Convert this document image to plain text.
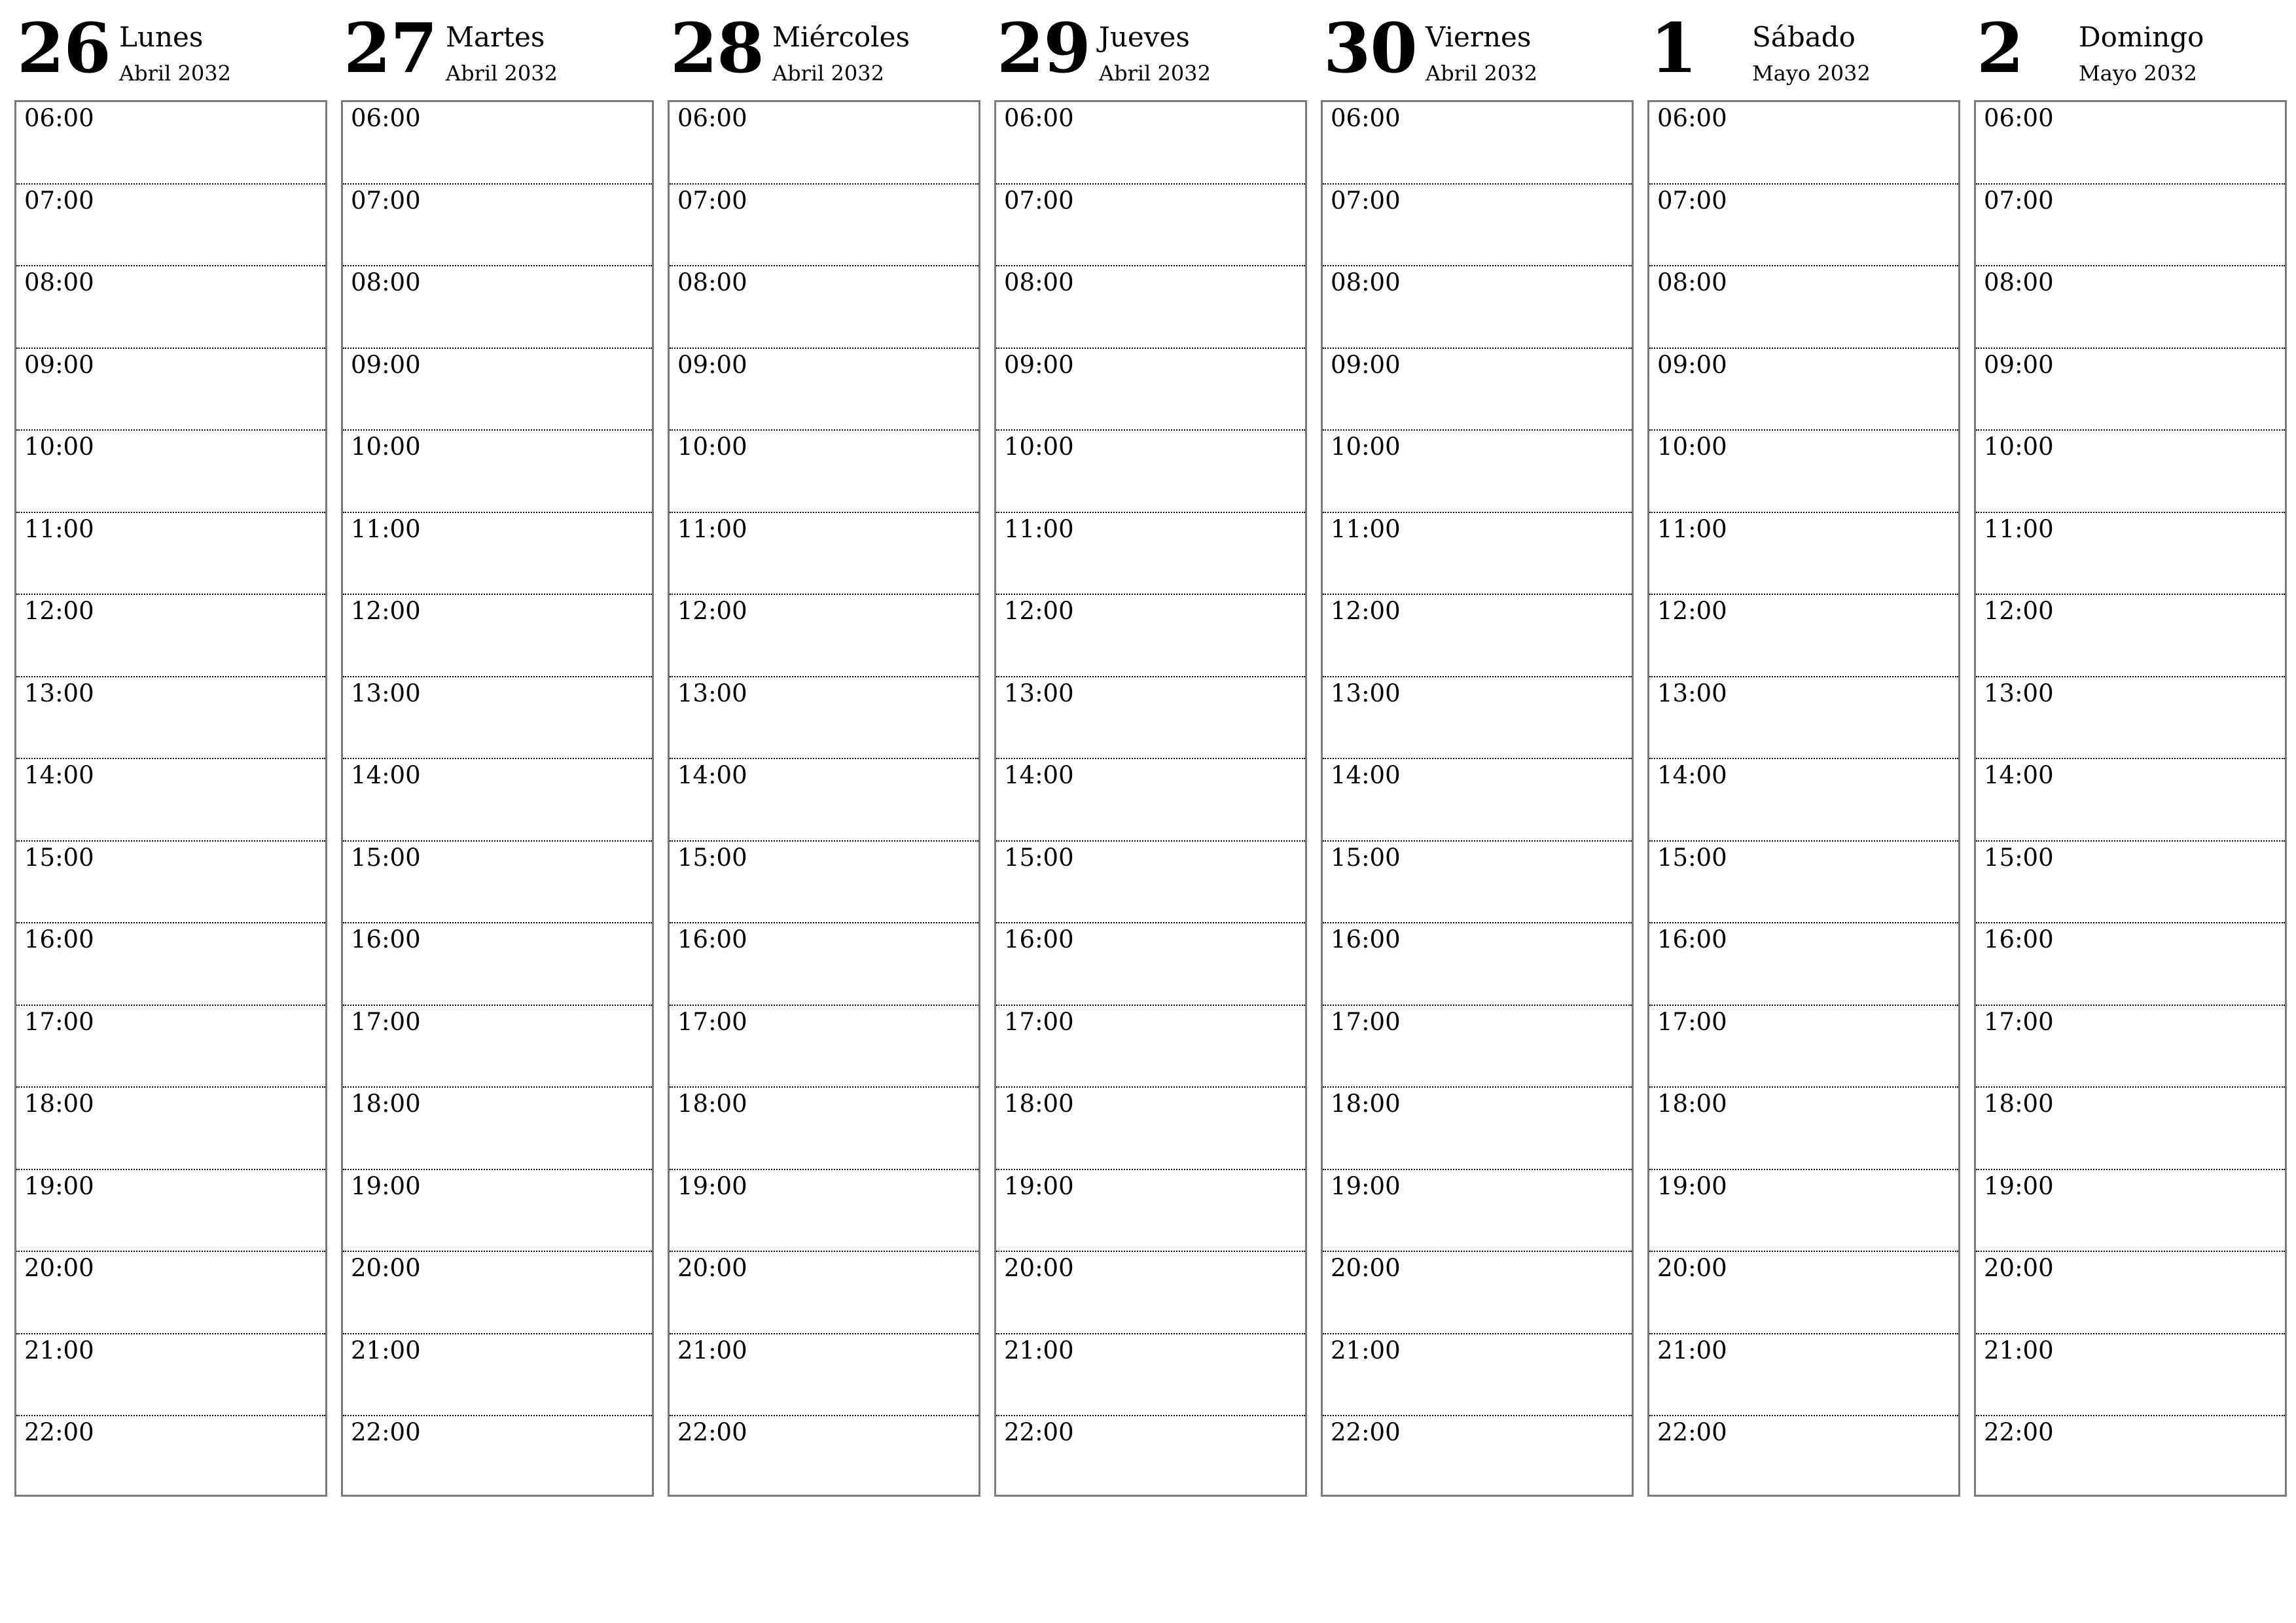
26 Lunes
Abril 2032
06:00
07:00
08:00
09:00
10:00
11:00
12:00
13:00
14:00
15:00
16:00
17:00
18:00
19:00
20:00
21:00
22:00
27 Martes
Abril 2032
06:00
07:00
08:00
09:00
10:00
11:00
12:00
13:00
14:00
15:00
16:00
17:00
18:00
19:00
20:00
21:00
22:00
28 Miércoles
Abril 2032
06:00
07:00
08:00
09:00
10:00
11:00
12:00
13:00
14:00
15:00
16:00
17:00
18:00
19:00
20:00
21:00
22:00
29 Jueves
Abril 2032
06:00
07:00
08:00
09:00
10:00
11:00
12:00
13:00
14:00
15:00
16:00
17:00
18:00
19:00
20:00
21:00
22:00
30 Viernes
Abril 2032
06:00
07:00
08:00
09:00
10:00
11:00
12:00
13:00
14:00
15:00
16:00
17:00
18:00
19:00
20:00
21:00
22:00
1 Sábado
Mayo 2032
06:00
07:00
08:00
09:00
10:00
11:00
12:00
13:00
14:00
15:00
16:00
17:00
18:00
19:00
20:00
21:00
22:00
2 Domingo
Mayo 2032
06:00
07:00
08:00
09:00
10:00
11:00
12:00
13:00
14:00
15:00
16:00
17:00
18:00
19:00
20:00
21:00
22:00
